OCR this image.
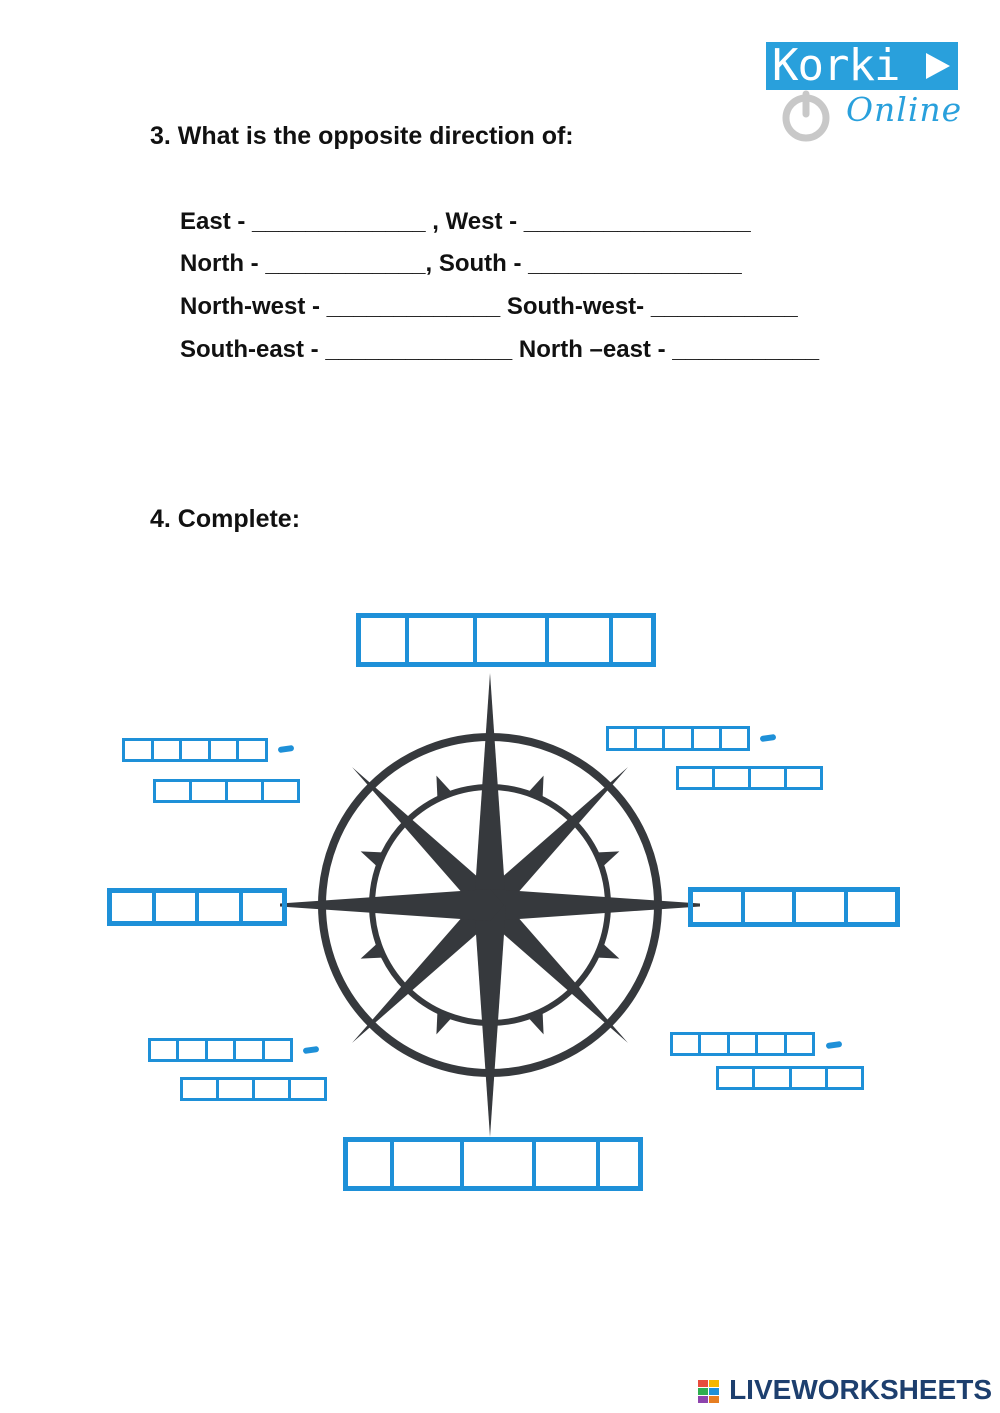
Korki
Online
3. What is the opposite direction of:
East - _____________ , West - _________________
North - ____________, South - ________________
North-west - _____________ South-west- ___________
South-east - ______________ North –east - ___________
4. Complete:
LIVEWORKSHEETS
